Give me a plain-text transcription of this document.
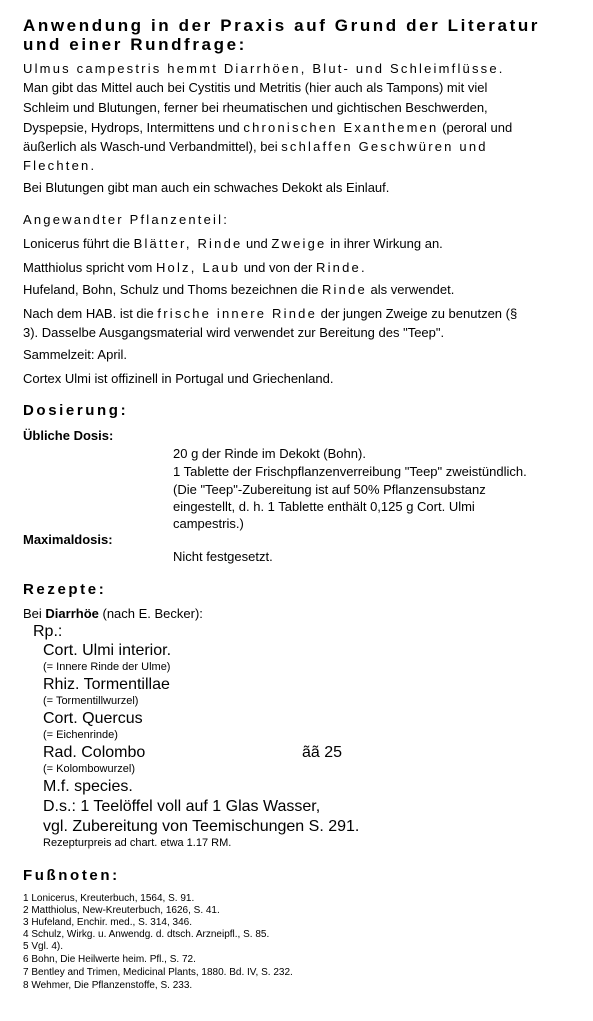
Anwendung in der Praxis auf Grund der Literatur
und einer Rundfrage:
Ulmus campestris hemmt Diarrhöen, Blut- und Schleimflüsse.
Man gibt das Mittel auch bei Cystitis und Metritis (hier auch als Tampons) mit viel
Schleim und Blutungen, ferner bei rheumatischen und gichtischen Beschwerden,
Dyspepsie, Hydrops, Intermittens und chronischen Exanthemen (peroral und
äußerlich als Wasch-und Verbandmittel), bei schlaffen Geschwüren und
Flechten.
Bei Blutungen gibt man auch ein schwaches Dekokt als Einlauf.
Angewandter Pflanzenteil:
Lonicerus führt die Blätter, Rinde und Zweige in ihrer Wirkung an.
Matthiolus spricht vom Holz, Laub und von der Rinde.
Hufeland, Bohn, Schulz und Thoms bezeichnen die Rinde als verwendet.
Nach dem HAB. ist die frische innere Rinde der jungen Zweige zu benutzen (§
3). Dasselbe Ausgangsmaterial wird verwendet zur Bereitung des "Teep".
Sammelzeit: April.
Cortex Ulmi ist offizinell in Portugal und Griechenland.
Dosierung:
Übliche Dosis:
20 g der Rinde im Dekokt (Bohn).
1 Tablette der Frischpflanzenverreibung "Teep" zweistündlich.
(Die "Teep"-Zubereitung ist auf 50% Pflanzensubstanz
eingestellt, d. h. 1 Tablette enthält 0,125 g Cort. Ulmi
campestris.)
Maximaldosis:
Nicht festgesetzt.
Rezepte:
Bei Diarrhöe (nach E. Becker):
Rp.:
Cort. Ulmi interior.
(= Innere Rinde der Ulme)
Rhiz. Tormentillae
(= Tormentillwurzel)
Cort. Quercus
(= Eichenrinde)
Rad. Colombo	ãã 25
(= Kolombowurzel)
M.f. species.
D.s.: 1 Teelöffel voll auf 1 Glas Wasser,
vgl. Zubereitung von Teemischungen S. 291.
Rezepturpreis ad chart. etwa 1.17 RM.
Fußnoten:
1 Lonicerus, Kreuterbuch, 1564, S. 91.
2 Matthiolus, New-Kreuterbuch, 1626, S. 41.
3 Hufeland, Enchir. med., S. 314, 346.
4 Schulz, Wirkg. u. Anwendg. d. dtsch. Arzneipfl., S. 85.
5 Vgl. 4).
6 Bohn, Die Heilwerte heim. Pfl., S. 72.
7 Bentley and Trimen, Medicinal Plants, 1880. Bd. IV, S. 232.
8 Wehmer, Die Pflanzenstoffe, S. 233.
